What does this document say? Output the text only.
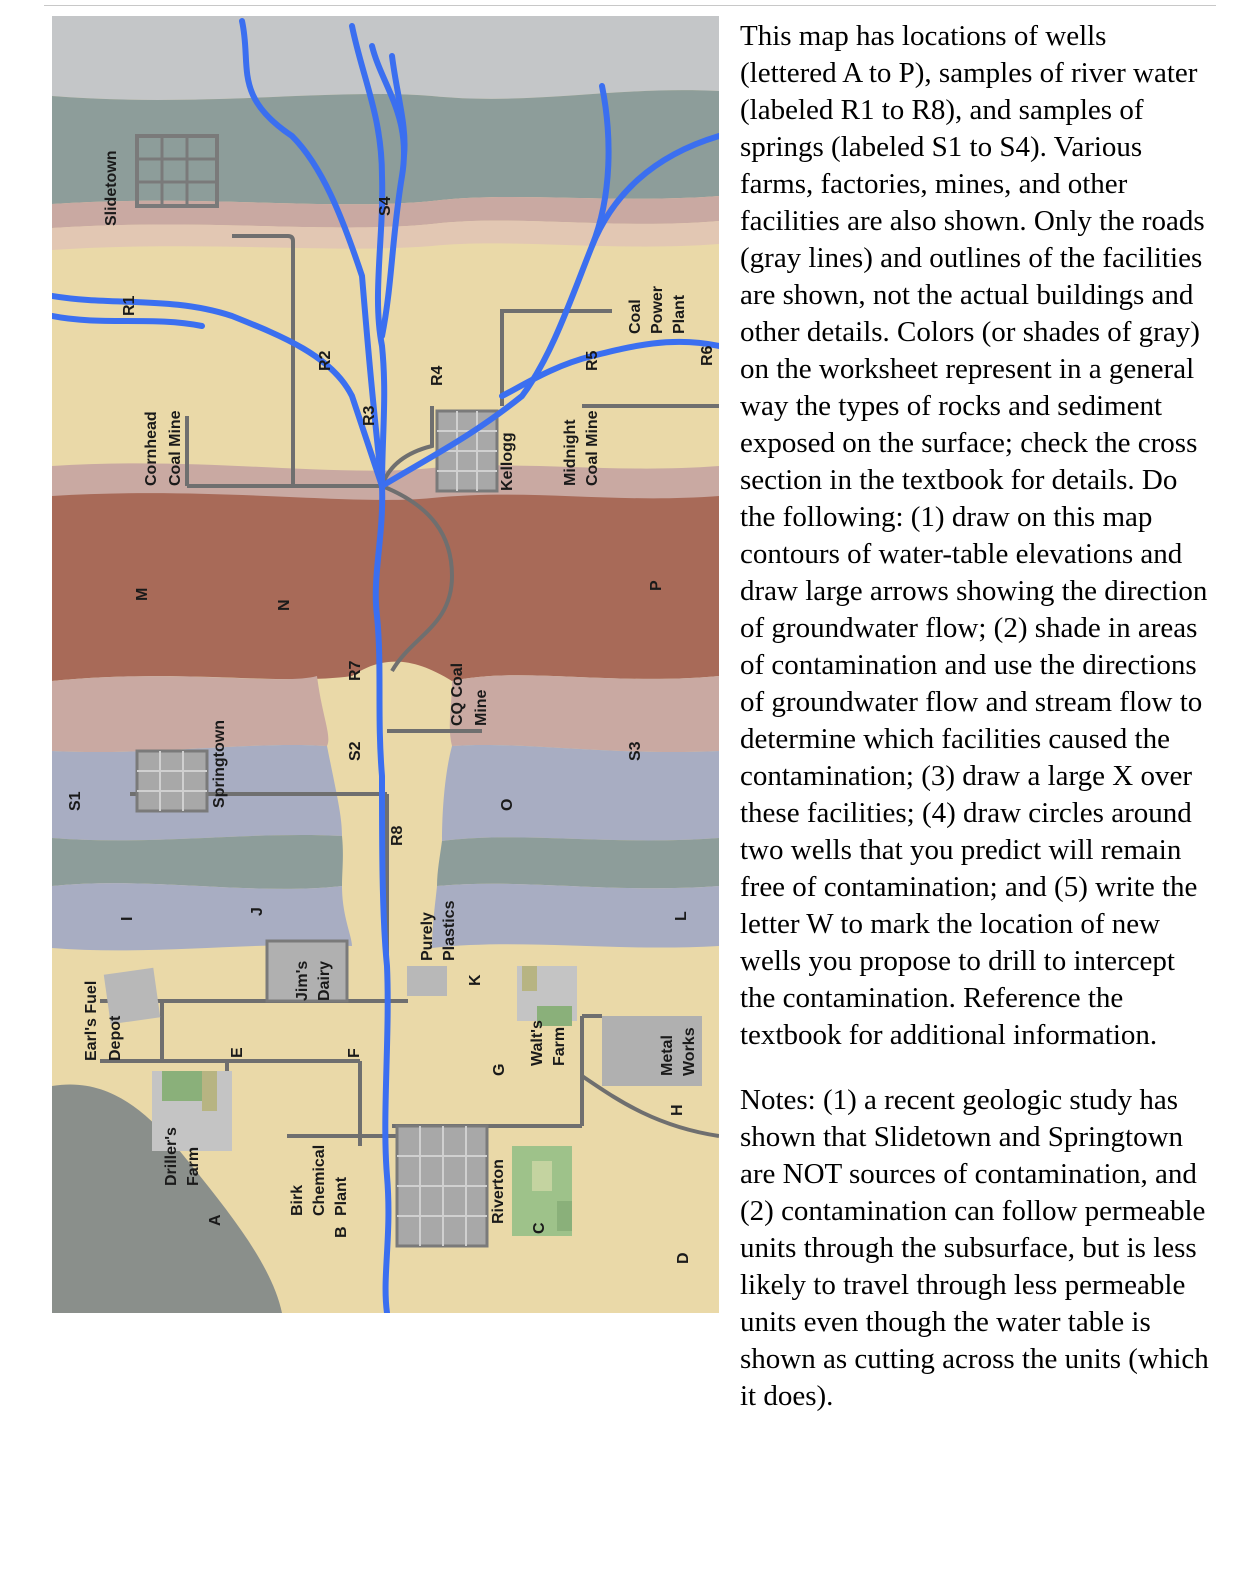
Slidetown
R1
Cornhead Coal Mine
S4
R2
R3
R4
Kellogg	Midnight Coal Mine
R5
Coal Power Plant
R6
M
N
P
R7	CQ Coal Mine
S2	S3
S1	Springtown
R8
O
Purely Plastics
I
J	L
Jim's Dairy	K
Earl's Fuel Depot	Walt's Farm
E	F
G	Metal Works
H
Driller's Farm
A
Birk Chemical Plant
B
Riverton
C
D

This map has locations of wells (lettered A to P), samples of river water (labeled R1 to R8), and samples of springs (labeled S1 to S4). Various farms, factories, mines, and other facilities are also shown. Only the roads (gray lines) and outlines of the facilities are shown, not the actual buildings and other details. Colors (or shades of gray) on the worksheet represent in a general way the types of rocks and sediment exposed on the surface; check the cross section in the textbook for details. Do the following: (1) draw on this map contours of water-table elevations and draw large arrows showing the direction of groundwater flow; (2) shade in areas of contamination and use the directions of groundwater flow and stream flow to determine which facilities caused the contamination; (3) draw a large X over these facilities; (4) draw circles around two wells that you predict will remain free of contamination; and (5) write the letter W to mark the location of new wells you propose to drill to intercept the contamination. Reference the textbook for additional information.

Notes: (1) a recent geologic study has shown that Slidetown and Springtown are NOT sources of contamination, and (2) contamination can follow permeable units through the subsurface, but is less likely to travel through less permeable units even though the water table is shown as cutting across the units (which it does).
